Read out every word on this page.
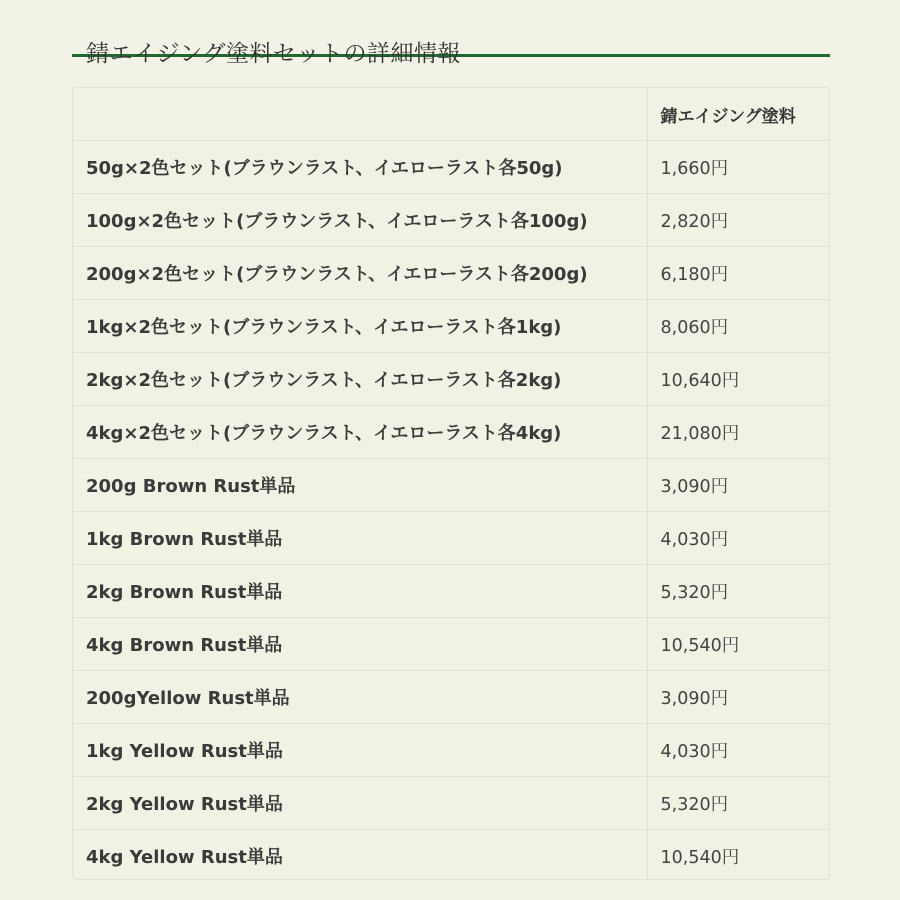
錆エイジング塗料セットの詳細情報
	錆エイジング塗料
50g×2色セット(ブラウンラスト、イエローラスト各50g)	1,660円
100g×2色セット(ブラウンラスト、イエローラスト各100g)	2,820円
200g×2色セット(ブラウンラスト、イエローラスト各200g)	6,180円
1kg×2色セット(ブラウンラスト、イエローラスト各1kg)	8,060円
2kg×2色セット(ブラウンラスト、イエローラスト各2kg)	10,640円
4kg×2色セット(ブラウンラスト、イエローラスト各4kg)	21,080円
200g Brown Rust単品	3,090円
1kg Brown Rust単品	4,030円
2kg Brown Rust単品	5,320円
4kg Brown Rust単品	10,540円
200gYellow Rust単品	3,090円
1kg Yellow Rust単品	4,030円
2kg Yellow Rust単品	5,320円
4kg Yellow Rust単品	10,540円
